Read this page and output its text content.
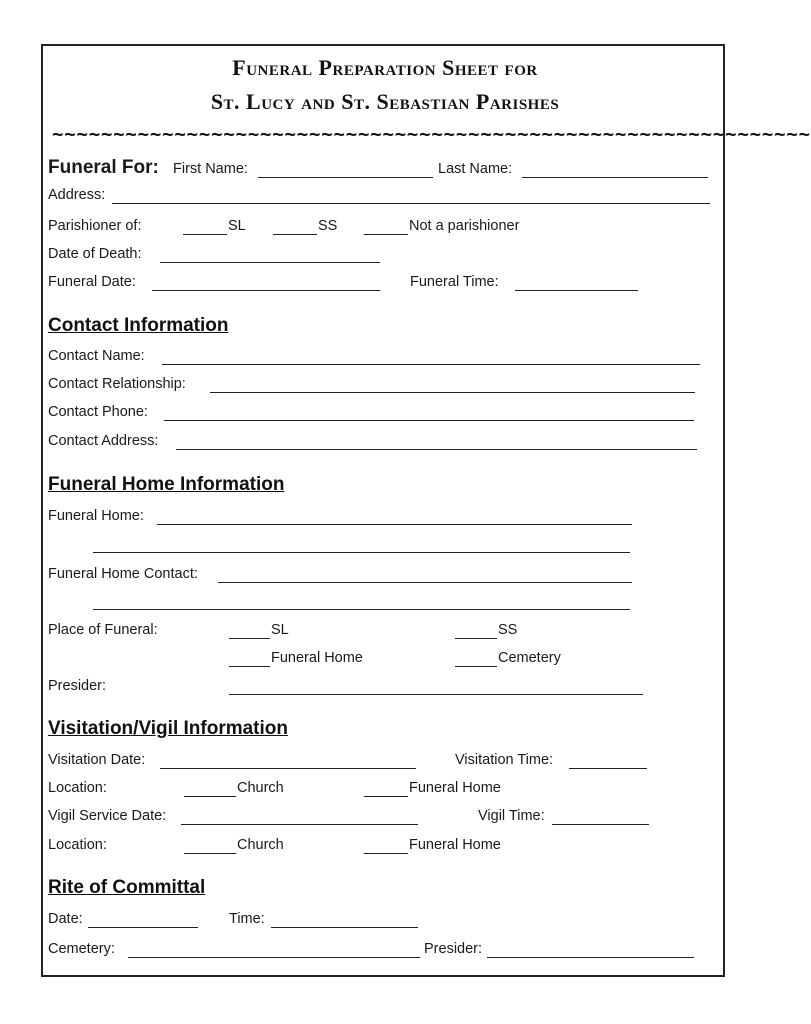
Funeral Preparation Sheet for
St. Lucy and St. Sebastian Parishes
~~~~~~~~~~~~~~~~~~~~~~~~~~~~~~~~~~~~~~~~~~~~~~~~~~~~~~~~~~~~~~
Funeral For: First Name:	Last Name:
Address:
Parishioner of:	SL	SS	Not a parishioner
Date of Death:
Funeral Date:	Funeral Time:
Contact Information
Contact Name:
Contact Relationship:
Contact Phone:
Contact Address:
Funeral Home Information
Funeral Home:
Funeral Home Contact:
Place of Funeral:	SL	SS
Funeral Home	Cemetery
Presider:
Visitation/Vigil Information
Visitation Date:	Visitation Time:
Location:	Church	Funeral Home
Vigil Service Date:	Vigil Time:
Location:	Church	Funeral Home
Rite of Committal
Date:	Time:
Cemetery:	Presider:
